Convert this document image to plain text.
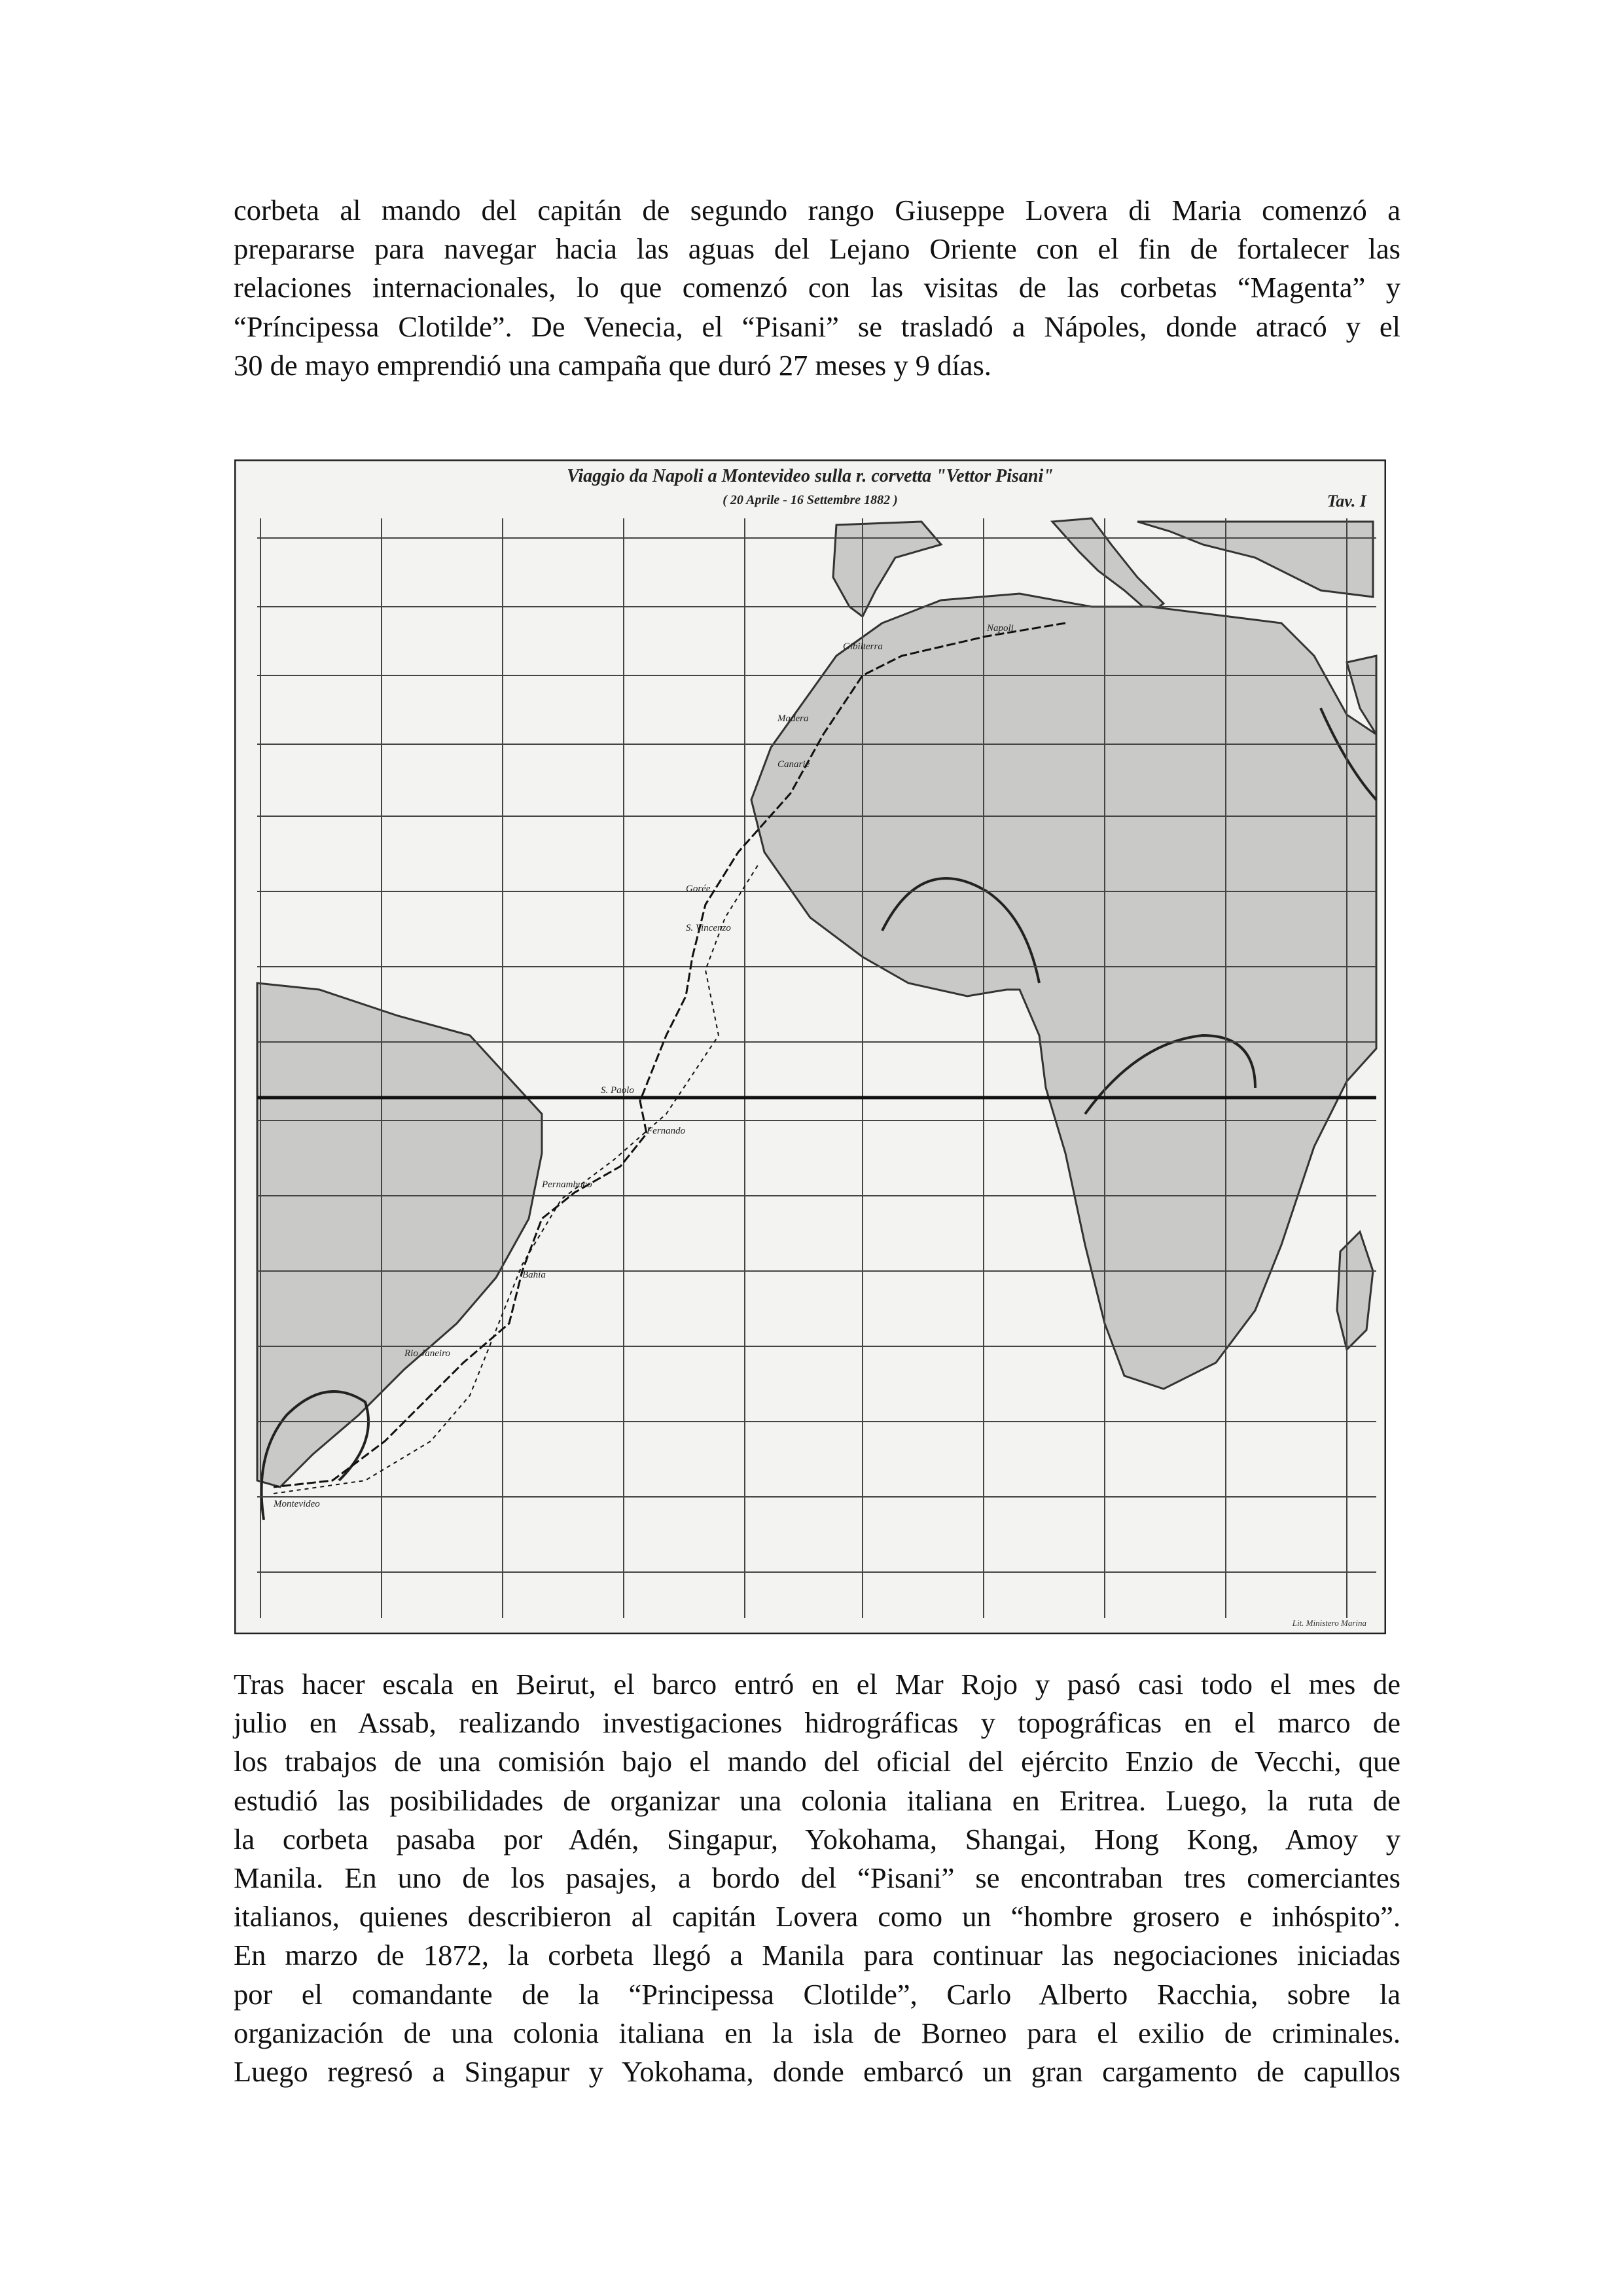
corbeta al mando del capitán de segundo rango Giuseppe Lovera di Maria comenzó a
prepararse para navegar hacia las aguas del Lejano Oriente con el fin de fortalecer las
relaciones internacionales, lo que comenzó con las visitas de las corbetas “Magenta” y
“Príncipessa Clotilde”. De Venecia, el “Pisani” se trasladó a Nápoles, donde atracó y el
30 de mayo emprendió una campaña que duró 27 meses y 9 días.
Viaggio da Napoli a Montevideo sulla r. corvetta "Vettor Pisani"
( 20 Aprile - 16 Settembre 1882 )	Tav. I
Napoli
Gibilterra
Madera
Canarie
Gorée
S. Vincenzo
S. Paolo
Fernando
Pernambuco
Bahia
Rio Janeiro
Montevideo
Lit. Ministero Marina
Tras hacer escala en Beirut, el barco entró en el Mar Rojo y pasó casi todo el mes de
julio en Assab, realizando investigaciones hidrográficas y topográficas en el marco de
los trabajos de una comisión bajo el mando del oficial del ejército Enzio de Vecchi, que
estudió las posibilidades de organizar una colonia italiana en Eritrea. Luego, la ruta de
la corbeta pasaba por Adén, Singapur, Yokohama, Shangai, Hong Kong, Amoy y
Manila. En uno de los pasajes, a bordo del “Pisani” se encontraban tres comerciantes
italianos, quienes describieron al capitán Lovera como un “hombre grosero e inhóspito”.
En marzo de 1872, la corbeta llegó a Manila para continuar las negociaciones iniciadas
por el comandante de la “Principessa Clotilde”, Carlo Alberto Racchia, sobre la
organización de una colonia italiana en la isla de Borneo para el exilio de criminales.
Luego regresó a Singapur y Yokohama, donde embarcó un gran cargamento de capullos
